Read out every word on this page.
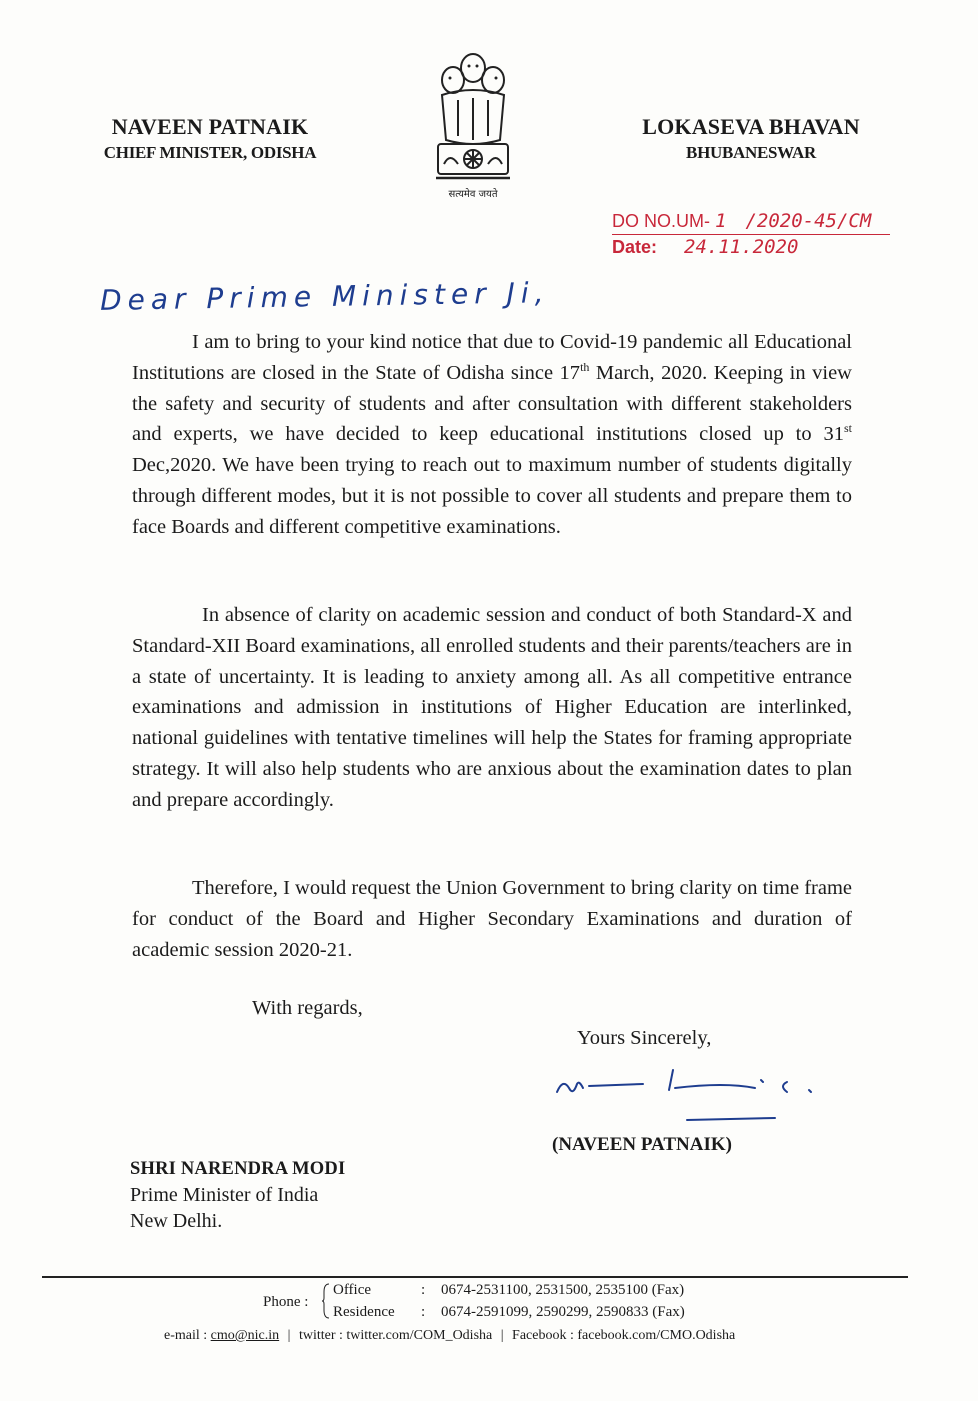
NAVEEN PATNAIK
CHIEF MINISTER, ODISHA
सत्यमेव जयते
LOKASEVA BHAVAN
BHUBANESWAR
DO NO.UM- 1 /2020-45/CM
Date: 24.11.2020
Dear Prime Minister Ji,
I am to bring to your kind notice that due to Covid-19 pandemic all Educational Institutions are closed in the State of Odisha since 17th March, 2020. Keeping in view the safety and security of students and after consultation with different stakeholders and experts, we have decided to keep educational institutions closed up to 31st Dec,2020. We have been trying to reach out to maximum number of students digitally through different modes, but it is not possible to cover all students and prepare them to face Boards and different competitive examinations.
In absence of clarity on academic session and conduct of both Standard-X and Standard-XII Board examinations, all enrolled students and their parents/teachers are in a state of uncertainty. It is leading to anxiety among all. As all competitive entrance examinations and admission in institutions of Higher Education are interlinked, national guidelines with tentative timelines will help the States for framing appropriate strategy. It will also help students who are anxious about the examination dates to plan and prepare accordingly.
Therefore, I would request the Union Government to bring clarity on time frame for conduct of the Board and Higher Secondary Examinations and duration of academic session 2020-21.
With regards,
Yours Sincerely,
(NAVEEN PATNAIK)
SHRI NARENDRA MODI
Prime Minister of India
New Delhi.
Phone :
Office	: 0674-2531100, 2531500, 2535100 (Fax)
Residence : 0674-2591099, 2590299, 2590833 (Fax)
e-mail : cmo@nic.in | twitter : twitter.com/COM_Odisha | Facebook : facebook.com/CMO.Odisha
